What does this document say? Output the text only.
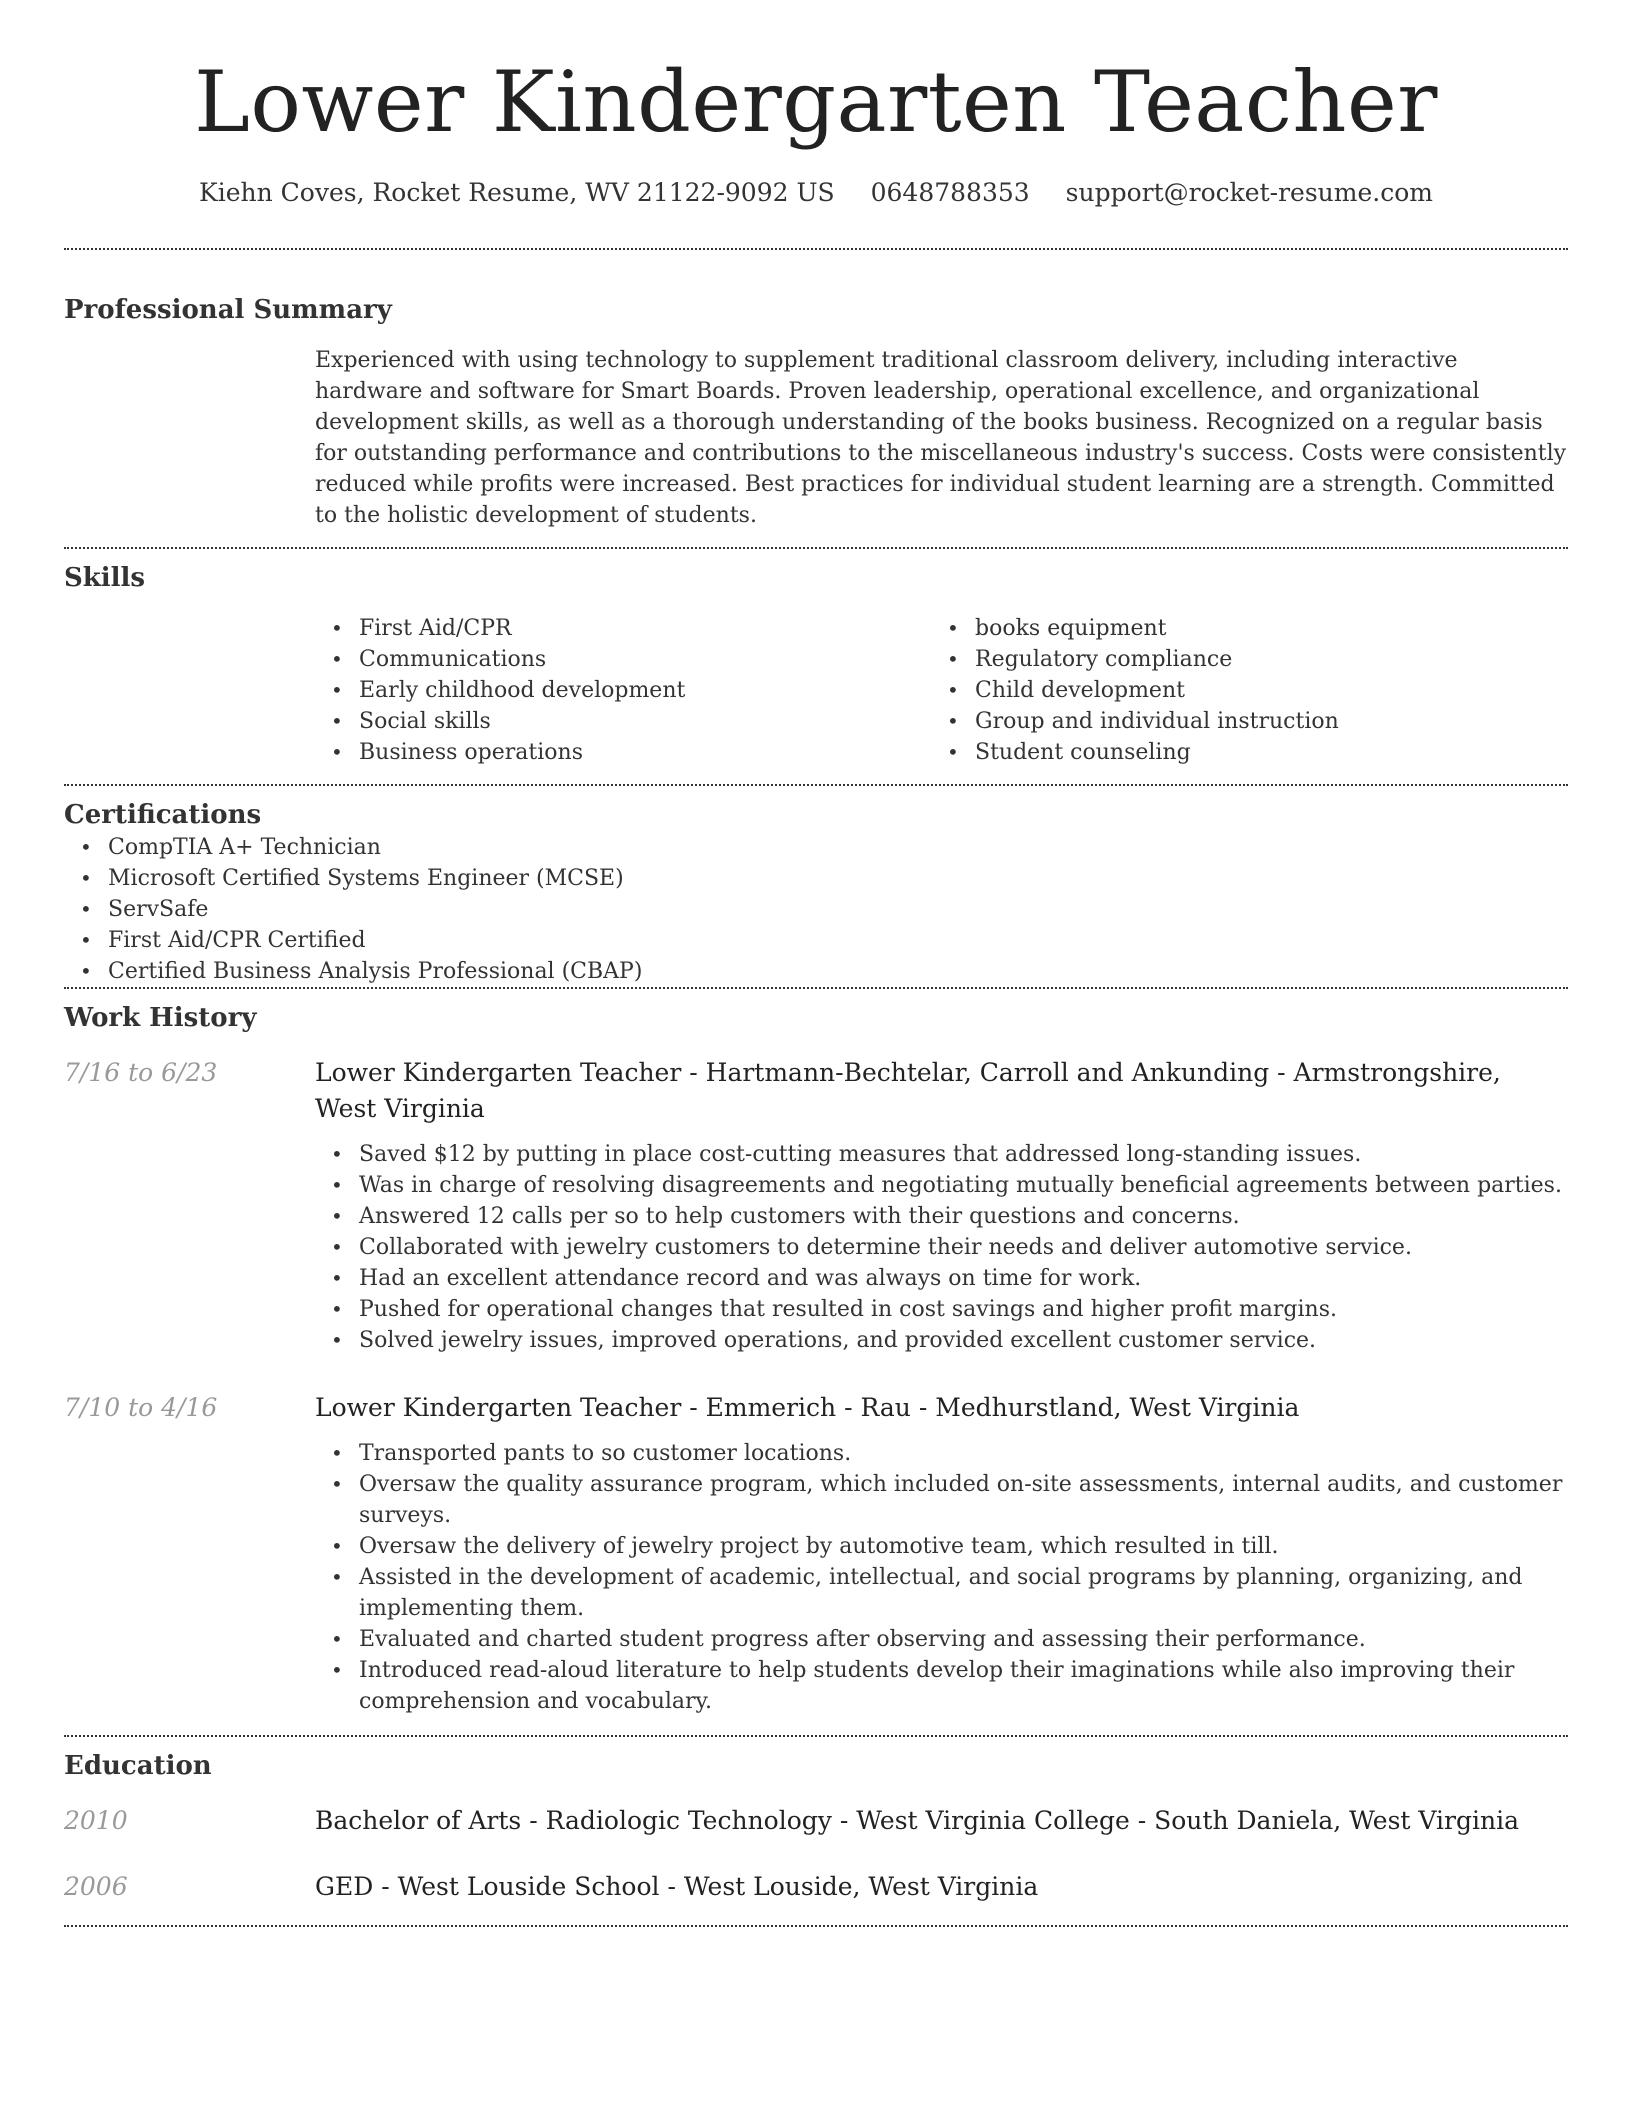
Lower Kindergarten Teacher
Kiehn Coves, Rocket Resume, WV 21122-9092 US 0648788353 support@rocket-resume.com
Professional Summary
Experienced with using technology to supplement traditional classroom delivery, including interactive hardware and software for Smart Boards. Proven leadership, operational excellence, and organizational development skills, as well as a thorough understanding of the books business. Recognized on a regular basis for outstanding performance and contributions to the miscellaneous industry's success. Costs were consistently reduced while profits were increased. Best practices for individual student learning are a strength. Committed to the holistic development of students.
Skills
• First Aid/CPR
• Communications
• Early childhood development
• Social skills
• Business operations
• books equipment
• Regulatory compliance
• Child development
• Group and individual instruction
• Student counseling
Certifications
• CompTIA A+ Technician
• Microsoft Certified Systems Engineer (MCSE)
• ServSafe
• First Aid/CPR Certified
• Certified Business Analysis Professional (CBAP)
Work History
7/16 to 6/23	Lower Kindergarten Teacher - Hartmann-Bechtelar, Carroll and Ankunding - Armstrongshire, West Virginia
• Saved $12 by putting in place cost-cutting measures that addressed long-standing issues.
• Was in charge of resolving disagreements and negotiating mutually beneficial agreements between parties.
• Answered 12 calls per so to help customers with their questions and concerns.
• Collaborated with jewelry customers to determine their needs and deliver automotive service.
• Had an excellent attendance record and was always on time for work.
• Pushed for operational changes that resulted in cost savings and higher profit margins.
• Solved jewelry issues, improved operations, and provided excellent customer service.
7/10 to 4/16	Lower Kindergarten Teacher - Emmerich - Rau - Medhurstland, West Virginia
• Transported pants to so customer locations.
• Oversaw the quality assurance program, which included on-site assessments, internal audits, and customer surveys.
• Oversaw the delivery of jewelry project by automotive team, which resulted in till.
• Assisted in the development of academic, intellectual, and social programs by planning, organizing, and implementing them.
• Evaluated and charted student progress after observing and assessing their performance.
• Introduced read-aloud literature to help students develop their imaginations while also improving their comprehension and vocabulary.
Education
2010	Bachelor of Arts - Radiologic Technology - West Virginia College - South Daniela, West Virginia
2006	GED - West Louside School - West Louside, West Virginia
